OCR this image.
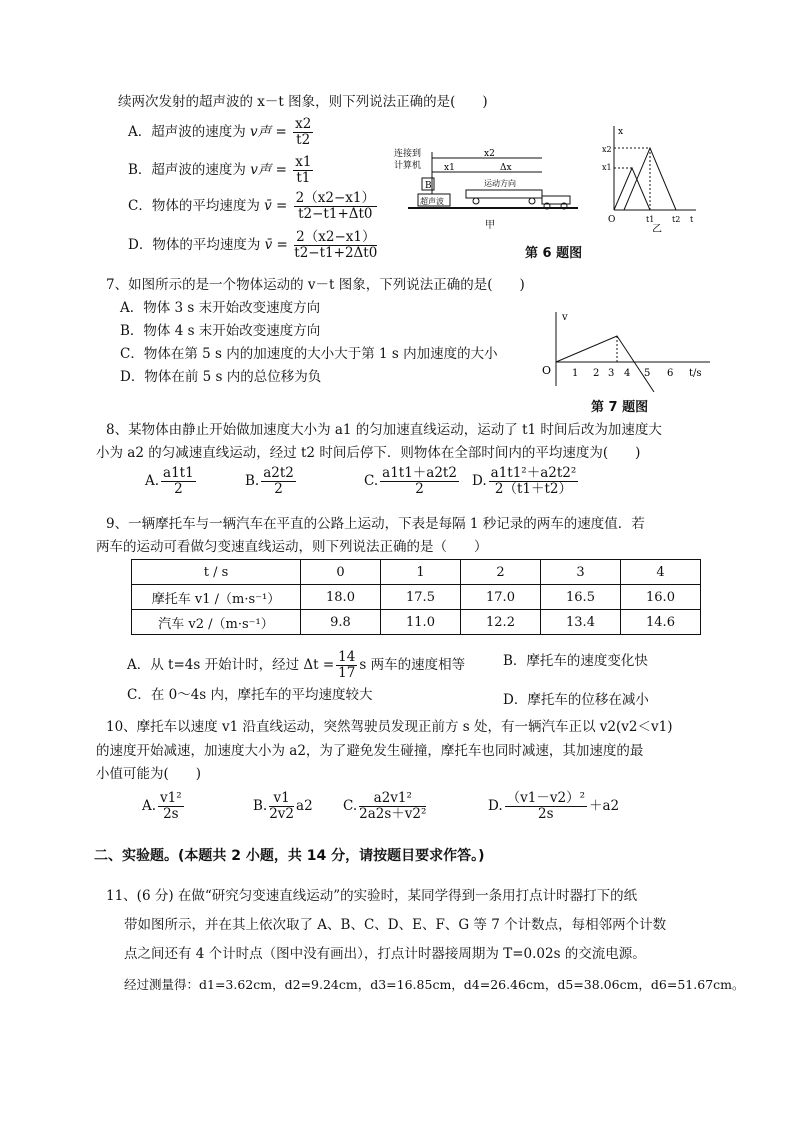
续两次发射的超声波的 x－t 图象，则下列说法正确的是(　　)
A．超声波的速度为 v声 = $\frac{x2}{t2}$
B．超声波的速度为 v声 = $\frac{x1}{t1}$
C．物体的平均速度为 v̄ = $\frac{2(x2-x1)}{t2-t1+\Delta t0}$
D．物体的平均速度为 v̄ = $\frac{2(x2-x1)}{t2-t1+2\Delta t0}$
连接到
计算机
x2
x1	Δx
B	运动方向
超声波
甲
x
x2
x1
O	t1 t2 t
乙
第 6 题图
7、如图所示的是一个物体运动的 v－t 图象，下列说法正确的是(　　)
A．物体 3 s 末开始改变速度方向
B．物体 4 s 末开始改变速度方向
C．物体在第 5 s 内的加速度的大小大于第 1 s 内加速度的大小
D．物体在前 5 s 内的总位移为负
v
O 1 2 3 4 5 6 t/s
第 7 题图
8、某物体由静止开始做加速度大小为 a1 的匀加速直线运动，运动了 t1 时间后改为加速度大
小为 a2 的匀减速直线运动，经过 t2 时间后停下．则物体在全部时间内的平均速度为(　　)
A. $\frac{a1t1}{2}$	B. $\frac{a2t2}{2}$	C. $\frac{a1t1+a2t2}{2} D$. $\frac{\text{a1t1²＋a2t2²}}{2(t1+t2)}$
9、一辆摩托车与一辆汽车在平直的公路上运动，下表是每隔 1 秒记录的两车的速度值．若
两车的运动可看做匀变速直线运动，则下列说法正确的是（　　）
t / s	0	1	2	3	4
摩托车 v1 /（m·s⁻¹）	18.0	17.5	17.0	16.5	16.0
汽车 v2 /（m·s⁻¹）	9.8	11.0	12.2	13.4	14.6
A．从 t=4s 开始计时，经过 $\Delta t = \frac{14}{17}$ s 两车的速度相等	B．摩托车的速度变化快
C．在 0～4s 内，摩托车的平均速度较大	D．摩托车的位移在减小
10、摩托车以速度 v1 沿直线运动，突然驾驶员发现正前方 s 处，有一辆汽车正以 v2(v2＜v1)
的速度开始减速，加速度大小为 a2，为了避免发生碰撞，摩托车也同时减速，其加速度的最
小值可能为(　　)
A. $\frac{\text{v1²}}{2s}$	B. $\frac{v1}{2v2} a2$ C. $\frac{\text{a2v1²}}{\text{2a2s＋v2²}}$	D. $\frac{\text{（v1－v2）²}}{2s} +a2$
二、实验题。(本题共 2 小题，共 14 分，请按题目要求作答。)
11、(6 分) 在做“研究匀变速直线运动”的实验时，某同学得到一条用打点计时器打下的纸
带如图所示，并在其上依次取了 A、B、C、D、E、F、G 等 7 个计数点，每相邻两个计数
点之间还有 4 个计时点（图中没有画出），打点计时器接周期为 T=0.02s 的交流电源。
经过测量得：d1=3.62cm，d2=9.24cm，d3=16.85cm，d4=26.46cm，d5=38.06cm，d6=51.67cm。
